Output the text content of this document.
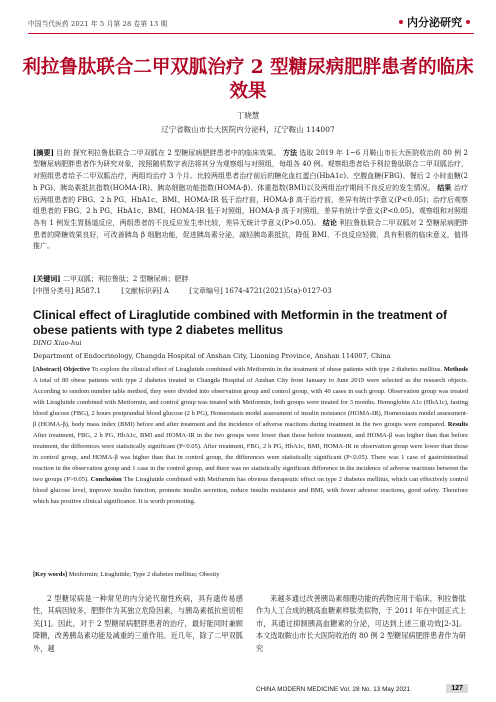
中国当代医药 2021 年 5 月第 28 卷第 13 期	内分泌研究
利拉鲁肽联合二甲双胍治疗 2 型糖尿病肥胖患者的临床效果
丁晓慧
辽宁省鞍山市长大医院内分泌科，辽宁鞍山 114007
[摘要] 目的 探究利拉鲁肽联合二甲双胍在 2 型糖尿病肥胖患者中的临床效果。 方法 选取 2019 年 1~6 月鞍山市长大医院收治的 80 例 2 型糖尿病肥胖患者作为研究对象，按照随机数字表法将其分为观察组与对照组，每组各 40 例。观察组患者给予利拉鲁肽联合二甲双胍治疗，对照组患者给予二甲双胍治疗，两组均治疗 3 个月。比较两组患者治疗前后的糖化血红蛋白(HbA1c)、空腹血糖(FBG)、餐后 2 小时血糖(2 h PG)、胰岛素抵抗指数(HOMA-IR)、胰岛细胞功能指数(HOMA-β)、体重指数(BMI)以及两组治疗期间不良反应的发生情况。 结果 治疗后两组患者的 FBG、2 h PG、HbA1c、BMI、HOMA-IR 低于治疗前，HOMA-β 高于治疗前，差异有统计学意义(P<0.05)；治疗后观察组患者的 FBG、2 h PG、HbA1c、BMI、HOMA-IR 低于对照组，HOMA-β 高于对照组，差异有统计学意义(P<0.05)。观察组和对照组各有 1 例发生胃肠道反应，两组患者的不良反应发生率比较，差异无统计学意义(P>0.05)。 结论 利拉鲁肽联合二甲双胍对 2 型糖尿病肥胖患者的降糖效果良好，可改善胰岛 β 细胞功能，促进胰岛素分泌，减轻胰岛素抵抗，降低 BMI，不良反应轻微，具有积极的临床意义，值得推广。
[关键词] 二甲双胍；利拉鲁肽；2 型糖尿病；肥胖
[中图分类号] R587.1	[文献标识码] A	[文章编号] 1674-4721(2021)5(a)-0127-03
Clinical effect of Liraglutide combined with Metformin in the treatment of obese patients with type 2 diabetes mellitus
DING Xiao-hui
Department of Endocrinology, Changda Hospital of Anshan City, Liaoning Province, Anshan 114007, China
[Abstract] Objective To explore the clinical effect of Liraglutide combined with Metformin in the treatment of obese patients with type 2 diabetes mellitus. Methods A total of 80 obese patients with type 2 diabetes treated in Changda Hospital of Anshan City from January to June 2019 were selected as the research objects. According to random number table method, they were divided into observation group and control group, with 40 cases in each group. Observation group was treated with Liraglutide combined with Metformin, and control group was treated with Metformin, both groups were treated for 3 months. Hemoglobin A1c (HbA1c), fasting blood glucose (FBG), 2 hours postprandial blood glucose (2 h PG), Homeostasis model assessment of insulin resistance (HOMA-IR), Homeostasis model assessment-β (HOMA-β), body mass index (BMI) before and after treatment and the incidence of adverse reactions during treatment in the two groups were compared. Results After treatment, FBG, 2 h PG, HbA1c, BMI and HOMA-IR in the two groups were lower than those before treatment, and HOMA-β was higher than that before treatment, the differences were statistically significant (P<0.05). After treatment, FBG, 2 h PG, HbA1c, BMI, HOMA-IR in observation group were lower than those in control group, and HOMA-β was higher than that in control group, the differences were statistically significant (P<0.05). There was 1 case of gastrointestinal reaction in the observation group and 1 case in the control group, and there was no statistically significant difference in the incidence of adverse reactions between the two groups (P>0.05). Conclusion The Liraglutide combined with Metformin has obvious therapeutic effect on type 2 diabetes mellitus, which can effectively control blood glucose level, improve insulin function, promote insulin secretion, reduce insulin resistance and BMI, with fewer adverse reactions, good safety. Therefore which has positive clinical significance. It is worth promoting.
[Key words] Metformin; Liraglutide; Type 2 diabetes mellitus; Obesity
2 型糖尿病是一种常见的内分泌代谢性疾病，具有遗传易感性，其病因较多，肥胖作为其独立危险因素，与胰岛素抵抗密切相关[1]。因此，对于 2 型糖尿病肥胖患者的治疗，最好能同时兼顾降糖，改善胰岛素功能及减重的三重作用。近几年，除了二甲双胍外，越
来越多通过改善胰岛素细胞功能的药物应用于临床，利拉鲁肽作为人工合成的胰高血糖素样肽类似物，于 2011 年在中国正式上市，其通过抑制胰高血糖素的分泌，可达到上述三重功效[2-3]。本文选取鞍山市长大医院收治的 80 例 2 型糖尿病肥胖患者作为研究
CHINA MODERN MEDICINE Vol. 28 No. 13 May 2021	127
